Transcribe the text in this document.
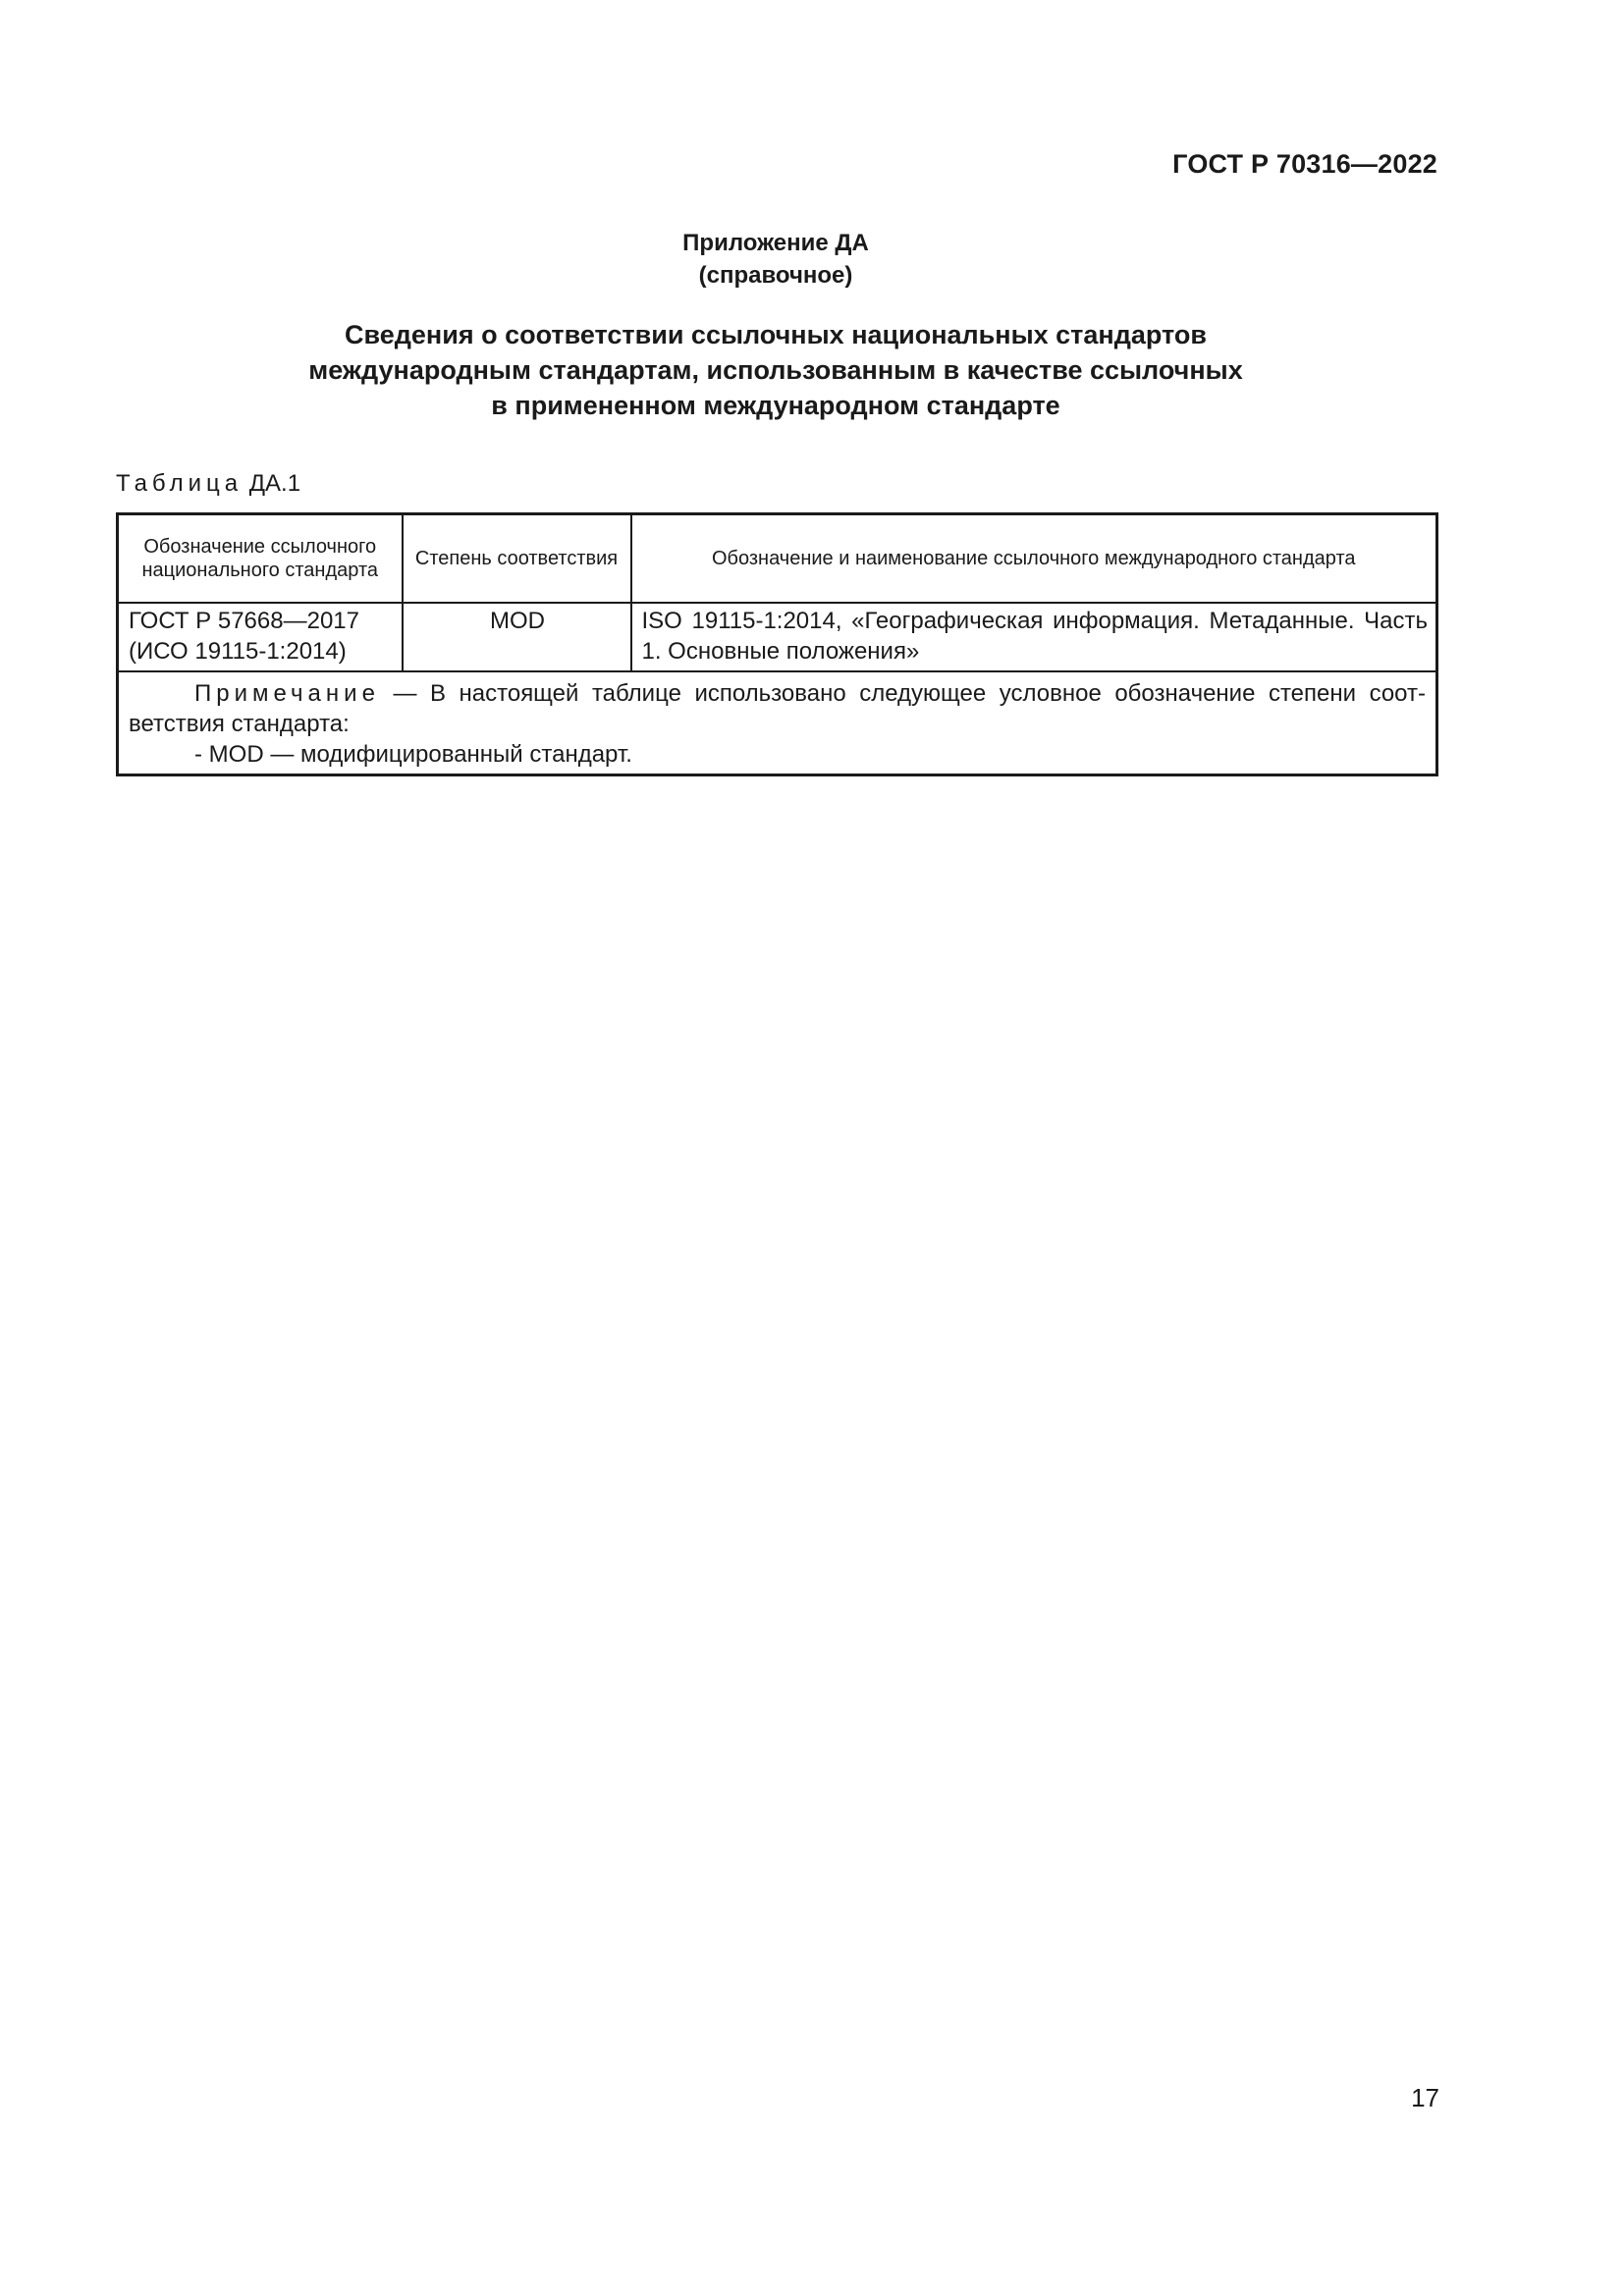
ГОСТ Р 70316—2022
Приложение ДА
(справочное)
Сведения о соответствии ссылочных национальных стандартов
международным стандартам, использованным в качестве ссылочных
в примененном международном стандарте
Таблица ДА.1
Обозначение ссылочного национального стандарта	Степень соответствия	Обозначение и наименование ссылочного международного стандарта
ГОСТ Р 57668—2017 (ИСО 19115-1:2014)	MOD	ISO 19115-1:2014, «Географическая информация. Метаданные. Часть 1. Основные положения»

Примечание — В настоящей таблице использовано следующее условное обозначение степени соот-ветствия стандарта:
- MOD — модифицированный стандарт.		
17
